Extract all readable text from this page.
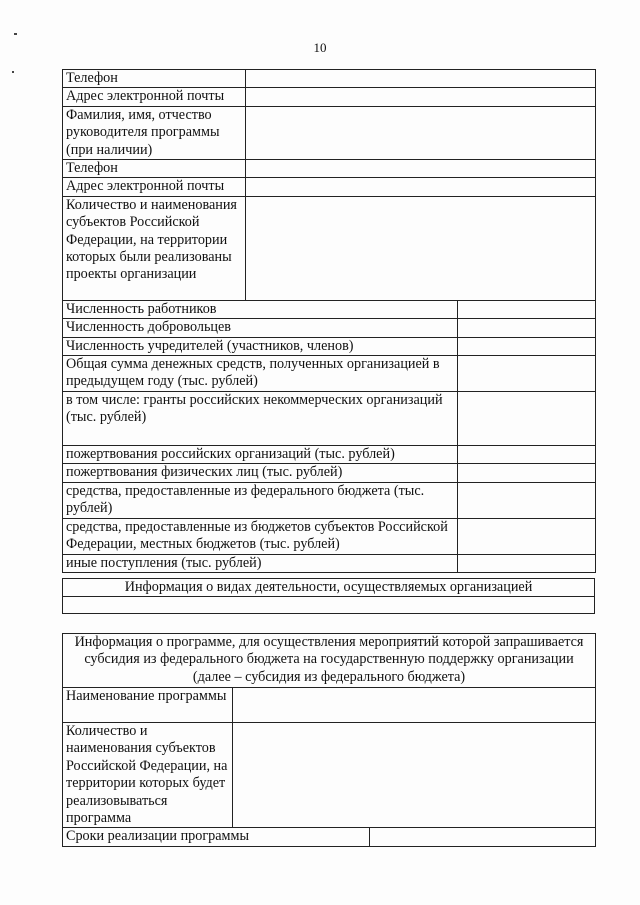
10
Телефон		
Адрес электронной почты		
Фамилия, имя, отчество руководителя программы (при наличии)		
Телефон		
Адрес электронной почты		
Количество и наименования субъектов Российской Федерации, на территории которых были реализованы проекты организации		
Численность работников		
Численность добровольцев		
Численность учредителей (участников, членов)		
Общая сумма денежных средств, полученных организацией в предыдущем году (тыс. рублей)		
в том числе: гранты российских некоммерческих организаций (тыс. рублей)		
пожертвования российских организаций (тыс. рублей)		
пожертвования физических лиц (тыс. рублей)		
средства, предоставленные из федерального бюджета (тыс. рублей)		
средства, предоставленные из бюджетов субъектов Российской Федерации, местных бюджетов (тыс. рублей)		
иные поступления (тыс. рублей)		
Информация о видах деятельности, осуществляемых организацией

Информация о программе, для осуществления мероприятий которой запрашивается субсидия из федерального бюджета на государственную поддержку организации (далее – субсидия из федерального бюджета)		
Наименование программы		
Количество и наименования субъектов Российской Федерации, на территории которых будет реализовываться программа		
Сроки реализации программы		
